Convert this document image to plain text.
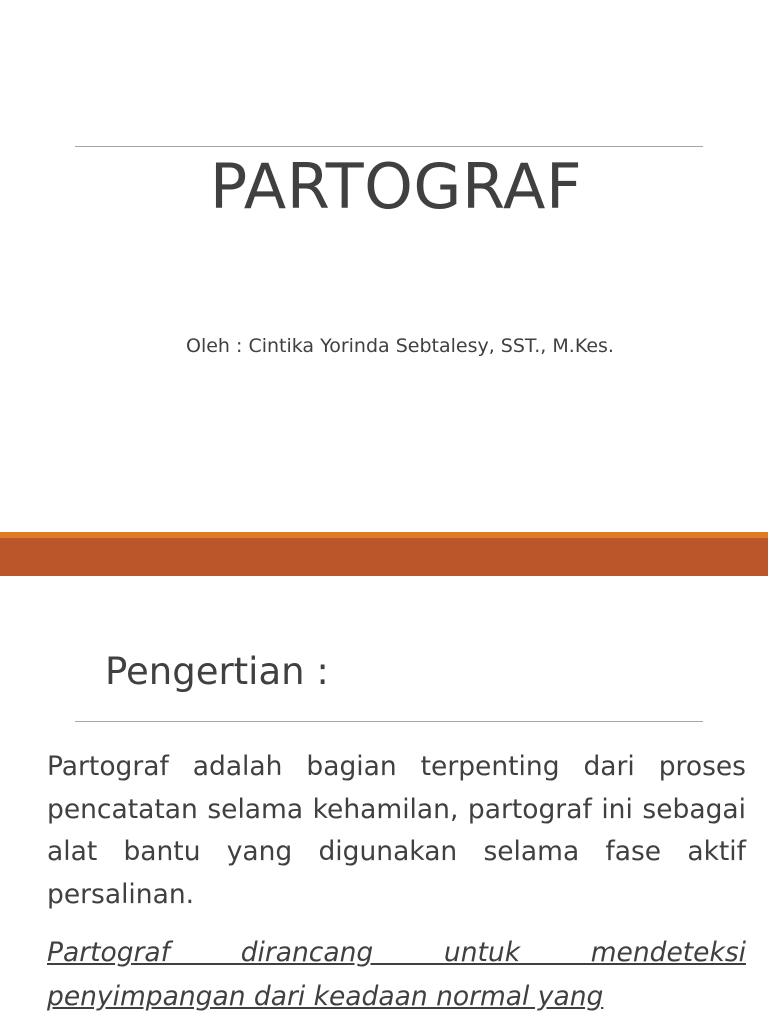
PARTOGRAF

Oleh : Cintika Yorinda Sebtalesy, SST., M.Kes.

Pengertian :

Partograf adalah bagian terpenting dari proses pencatatan selama kehamilan, partograf ini sebagai alat bantu yang digunakan selama fase aktif persalinan.

Partograf dirancang untuk mendeteksi penyimpangan dari keadaan normal yang
